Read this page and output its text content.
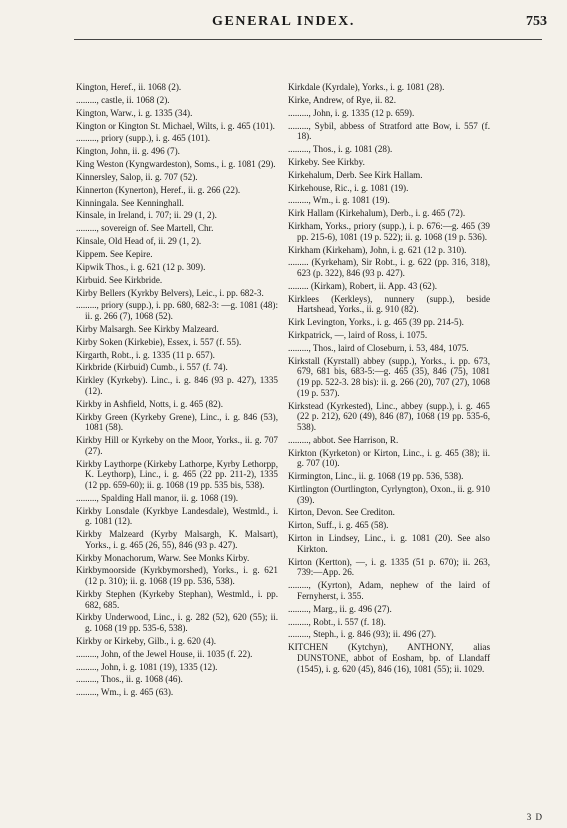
GENERAL INDEX.	753
Kington, Heref., ii. 1068 (2).
........., castle, ii. 1068 (2).
Kington, Warw., i. g. 1335 (34).
Kington or Kington St. Michael, Wilts, i. g. 465 (101).
........., priory (supp.), i. g. 465 (101).
Kington, John, ii. g. 496 (7).
King Weston (Kyngwardeston), Soms., i. g. 1081 (29).
Kinnersley, Salop, ii. g. 707 (52).
Kinnerton (Kynerton), Heref., ii. g. 266 (22).
Kinningala. See Kenninghall.
Kinsale, in Ireland, i. 707; ii. 29 (1, 2).
........., sovereign of. See Martell, Chr.
Kinsale, Old Head of, ii. 29 (1, 2).
Kippem. See Kepire.
Kipwik Thos., i. g. 621 (12 p. 309).
Kirbuid. See Kirkbride.
Kirby Bellers (Kyrkby Belvers), Leic., i. pp. 682-3.
........., priory (supp.), i. pp. 680, 682-3: —g. 1081 (48): ii. g. 266 (7), 1068 (52).
Kirby Malsargh. See Kirkby Malzeard.
Kirby Soken (Kirkebie), Essex, i. 557 (f. 55).
Kirgarth, Robt., i. g. 1335 (11 p. 657).
Kirkbride (Kirbuid) Cumb., i. 557 (f. 74).
Kirkley (Kyrkeby). Linc., i. g. 846 (93 p. 427), 1335 (12).
Kirkby in Ashfield, Notts, i. g. 465 (82).
Kirkby Green (Kyrkeby Grene), Linc., i. g. 846 (53), 1081 (58).
Kirkby Hill or Kyrkeby on the Moor, Yorks., ii. g. 707 (27).
Kirkby Laythorpe (Kirkeby Lathorpe, Kyrby Lethorpp, K. Leythorp), Linc., i. g. 465 (22 pp. 211-2), 1335 (12 pp. 659-60); ii. g. 1068 (19 pp. 535 bis, 538).
........., Spalding Hall manor, ii. g. 1068 (19).
Kirkby Lonsdale (Kyrkbye Landesdale), Westmld., i. g. 1081 (12).
Kirkby Malzeard (Kyrby Malsargh, K. Malsart), Yorks., i. g. 465 (26, 55), 846 (93 p. 427).
Kirkby Monachorum, Warw. See Monks Kirby.
Kirkbymoorside (Kyrkbymorshed), Yorks., i. g. 621 (12 p. 310); ii. g. 1068 (19 pp. 536, 538).
Kirkby Stephen (Kyrkeby Stephan), Westmld., i. pp. 682, 685.
Kirkby Underwood, Linc., i. g. 282 (52), 620 (55); ii. g. 1068 (19 pp. 535-6, 538).
Kirkby or Kirkeby, Gilb., i. g. 620 (4).
........., John, of the Jewel House, ii. 1035 (f. 22).
........., John, i. g. 1081 (19), 1335 (12).
........., Thos., ii. g. 1068 (46).
........., Wm., i. g. 465 (63).
Kirkdale (Kyrdale), Yorks., i. g. 1081 (28).
Kirke, Andrew, of Rye, ii. 82.
........., John, i. g. 1335 (12 p. 659).
........., Sybil, abbess of Stratford atte Bow, i. 557 (f. 18).
........., Thos., i. g. 1081 (28).
Kirkeby. See Kirkby.
Kirkehalum, Derb. See Kirk Hallam.
Kirkehouse, Ric., i. g. 1081 (19).
........., Wm., i. g. 1081 (19).
Kirk Hallam (Kirkehalum), Derb., i. g. 465 (72).
Kirkham, Yorks., priory (supp.), i. p. 676:—g. 465 (39 pp. 215-6), 1081 (19 p. 522); ii. g. 1068 (19 p. 536).
Kirkham (Kirkeham), John, i. g. 621 (12 p. 310).
......... (Kyrkeham), Sir Robt., i. g. 622 (pp. 316, 318), 623 (p. 322), 846 (93 p. 427).
......... (Kirkam), Robert, ii. App. 43 (62).
Kirklees (Kerkleys), nunnery (supp.), beside Hartshead, Yorks., ii. g. 910 (82).
Kirk Levington, Yorks., i. g. 465 (39 pp. 214-5).
Kirkpatrick, —, laird of Ross, i. 1075.
........., Thos., laird of Closeburn, i. 53, 484, 1075.
Kirkstall (Kyrstall) abbey (supp.), Yorks., i. pp. 673, 679, 681 bis, 683-5:—g. 465 (35), 846 (75), 1081 (19 pp. 522-3. 28 bis): ii. g. 266 (20), 707 (27), 1068 (19 p. 537).
Kirkstead (Kyrkested), Linc., abbey (supp.), i. g. 465 (22 p. 212), 620 (49), 846 (87), 1068 (19 pp. 535-6, 538).
........., abbot. See Harrison, R.
Kirkton (Kyrketon) or Kirton, Linc., i. g. 465 (38); ii. g. 707 (10).
Kirmington, Linc., ii. g. 1068 (19 pp. 536, 538).
Kirtlington (Ourtlington, Cyrlyngton), Oxon., ii. g. 910 (39).
Kirton, Devon. See Crediton.
Kirton, Suff., i. g. 465 (58).
Kirton in Lindsey, Linc., i. g. 1081 (20). See also Kirkton.
Kirton (Kertton), —, i. g. 1335 (51 p. 670); ii. 263, 739:—App. 26.
........., (Kyrton), Adam, nephew of the laird of Fernyherst, i. 355.
........., Marg., ii. g. 496 (27).
........., Robt., i. 557 (f. 18).
........., Steph., i. g. 846 (93); ii. 496 (27).
KITCHEN (Kytchyn), ANTHONY, alias DUNSTONE, abbot of Eosham, bp. of Llandaff (1545), i. g. 620 (45), 846 (16), 1081 (55); ii. 1029.
3 D
